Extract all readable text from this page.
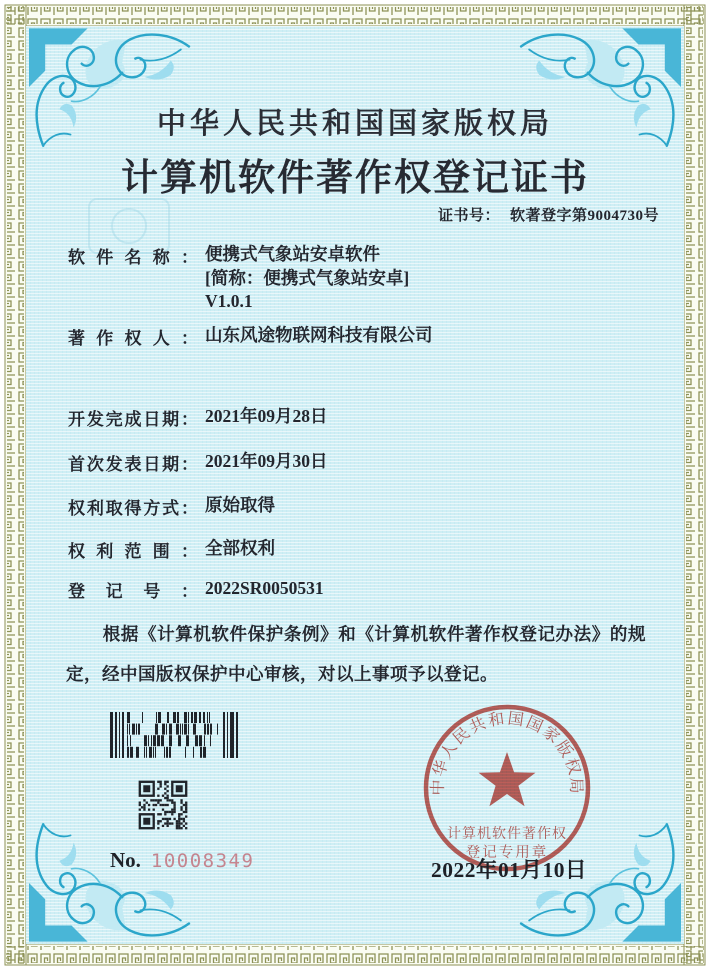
中华人民共和国国家版权局
计算机软件著作权登记证书
证书号： 软著登字第9004730号
软件名称： 便携式气象站安卓软件
[简称：便携式气象站安卓]
V1.0.1
著作权人： 山东风途物联网科技有限公司
开发完成日期： 2021年09月28日
首次发表日期： 2021年09月30日
权利取得方式： 原始取得
权利范围： 全部权利
登记号： 2022SR0050531
根据《计算机软件保护条例》和《计算机软件著作权登记办法》的规定，经中国版权保护中心审核，对以上事项予以登记。
No. 10008349
中华人民共和国国家版权局
计算机软件著作权
登记专用章
2022年01月10日
